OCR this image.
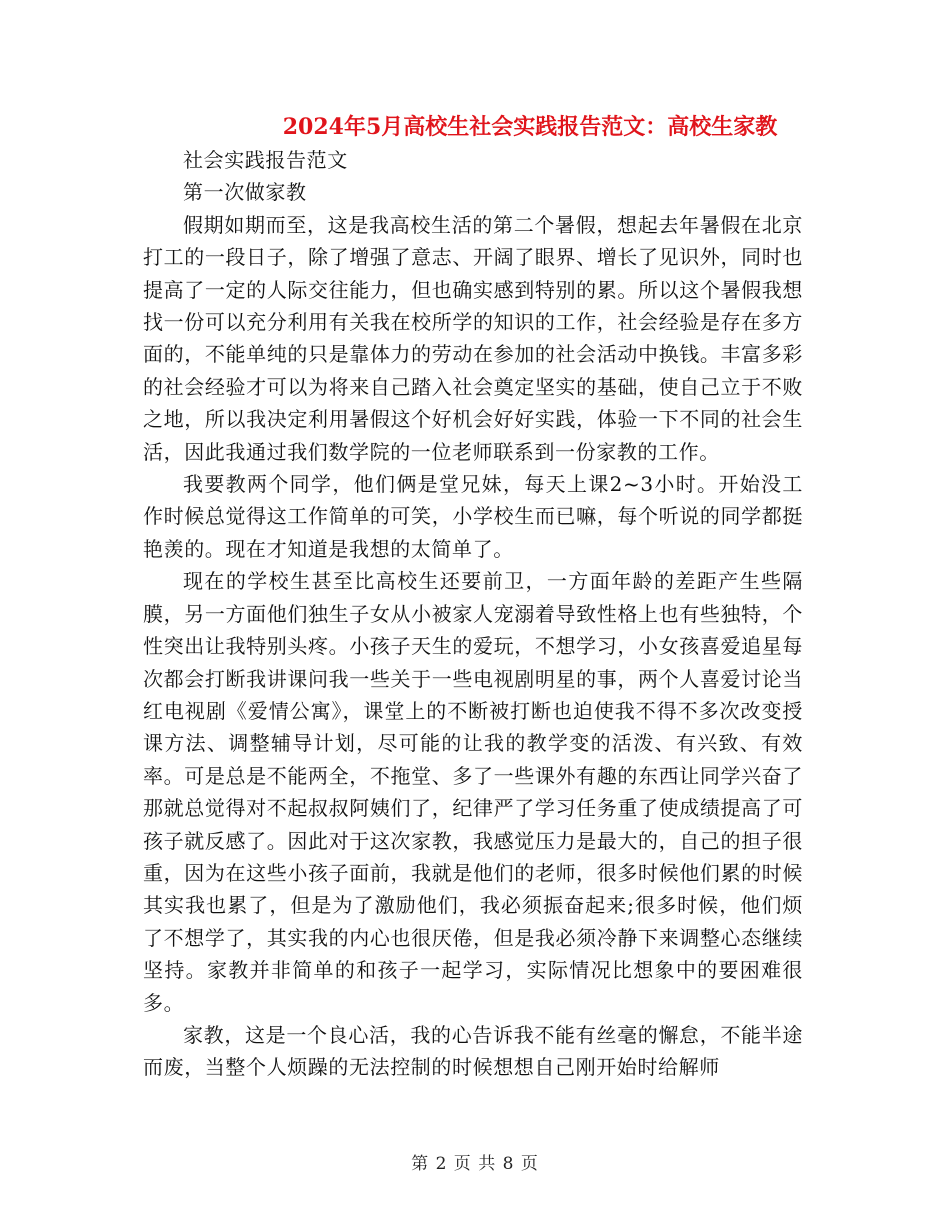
2024年5月高校生社会实践报告范文：高校生家教

社会实践报告范文

第一次做家教

假期如期而至，这是我高校生活的第二个暑假，想起去年暑假在北京打工的一段日子，除了增强了意志、开阔了眼界、增长了见识外，同时也提高了一定的人际交往能力，但也确实感到特别的累。所以这个暑假我想找一份可以充分利用有关我在校所学的知识的工作，社会经验是存在多方面的，不能单纯的只是靠体力的劳动在参加的社会活动中换钱。丰富多彩的社会经验才可以为将来自己踏入社会奠定坚实的基础，使自己立于不败之地，所以我决定利用暑假这个好机会好好实践，体验一下不同的社会生活，因此我通过我们数学院的一位老师联系到一份家教的工作。

我要教两个同学，他们俩是堂兄妹，每天上课2~3小时。开始没工作时候总觉得这工作简单的可笑，小学校生而已嘛，每个听说的同学都挺艳羡的。现在才知道是我想的太简单了。

现在的学校生甚至比高校生还要前卫，一方面年龄的差距产生些隔膜，另一方面他们独生子女从小被家人宠溺着导致性格上也有些独特，个性突出让我特别头疼。小孩子天生的爱玩，不想学习，小女孩喜爱追星每次都会打断我讲课问我一些关于一些电视剧明星的事，两个人喜爱讨论当红电视剧《爱情公寓》，课堂上的不断被打断也迫使我不得不多次改变授课方法、调整辅导计划，尽可能的让我的教学变的活泼、有兴致、有效率。可是总是不能两全，不拖堂、多了一些课外有趣的东西让同学兴奋了那就总觉得对不起叔叔阿姨们了，纪律严了学习任务重了使成绩提高了可孩子就反感了。因此对于这次家教，我感觉压力是最大的，自己的担子很重，因为在这些小孩子面前，我就是他们的老师，很多时候他们累的时候其实我也累了，但是为了激励他们，我必须振奋起来;很多时候，他们烦了不想学了，其实我的内心也很厌倦，但是我必须冷静下来调整心态继续坚持。家教并非简单的和孩子一起学习，实际情况比想象中的要困难很多。

家教，这是一个良心活，我的心告诉我不能有丝毫的懈怠，不能半途而废，当整个人烦躁的无法控制的时候想想自己刚开始时给解师

第 2 页 共 8 页
